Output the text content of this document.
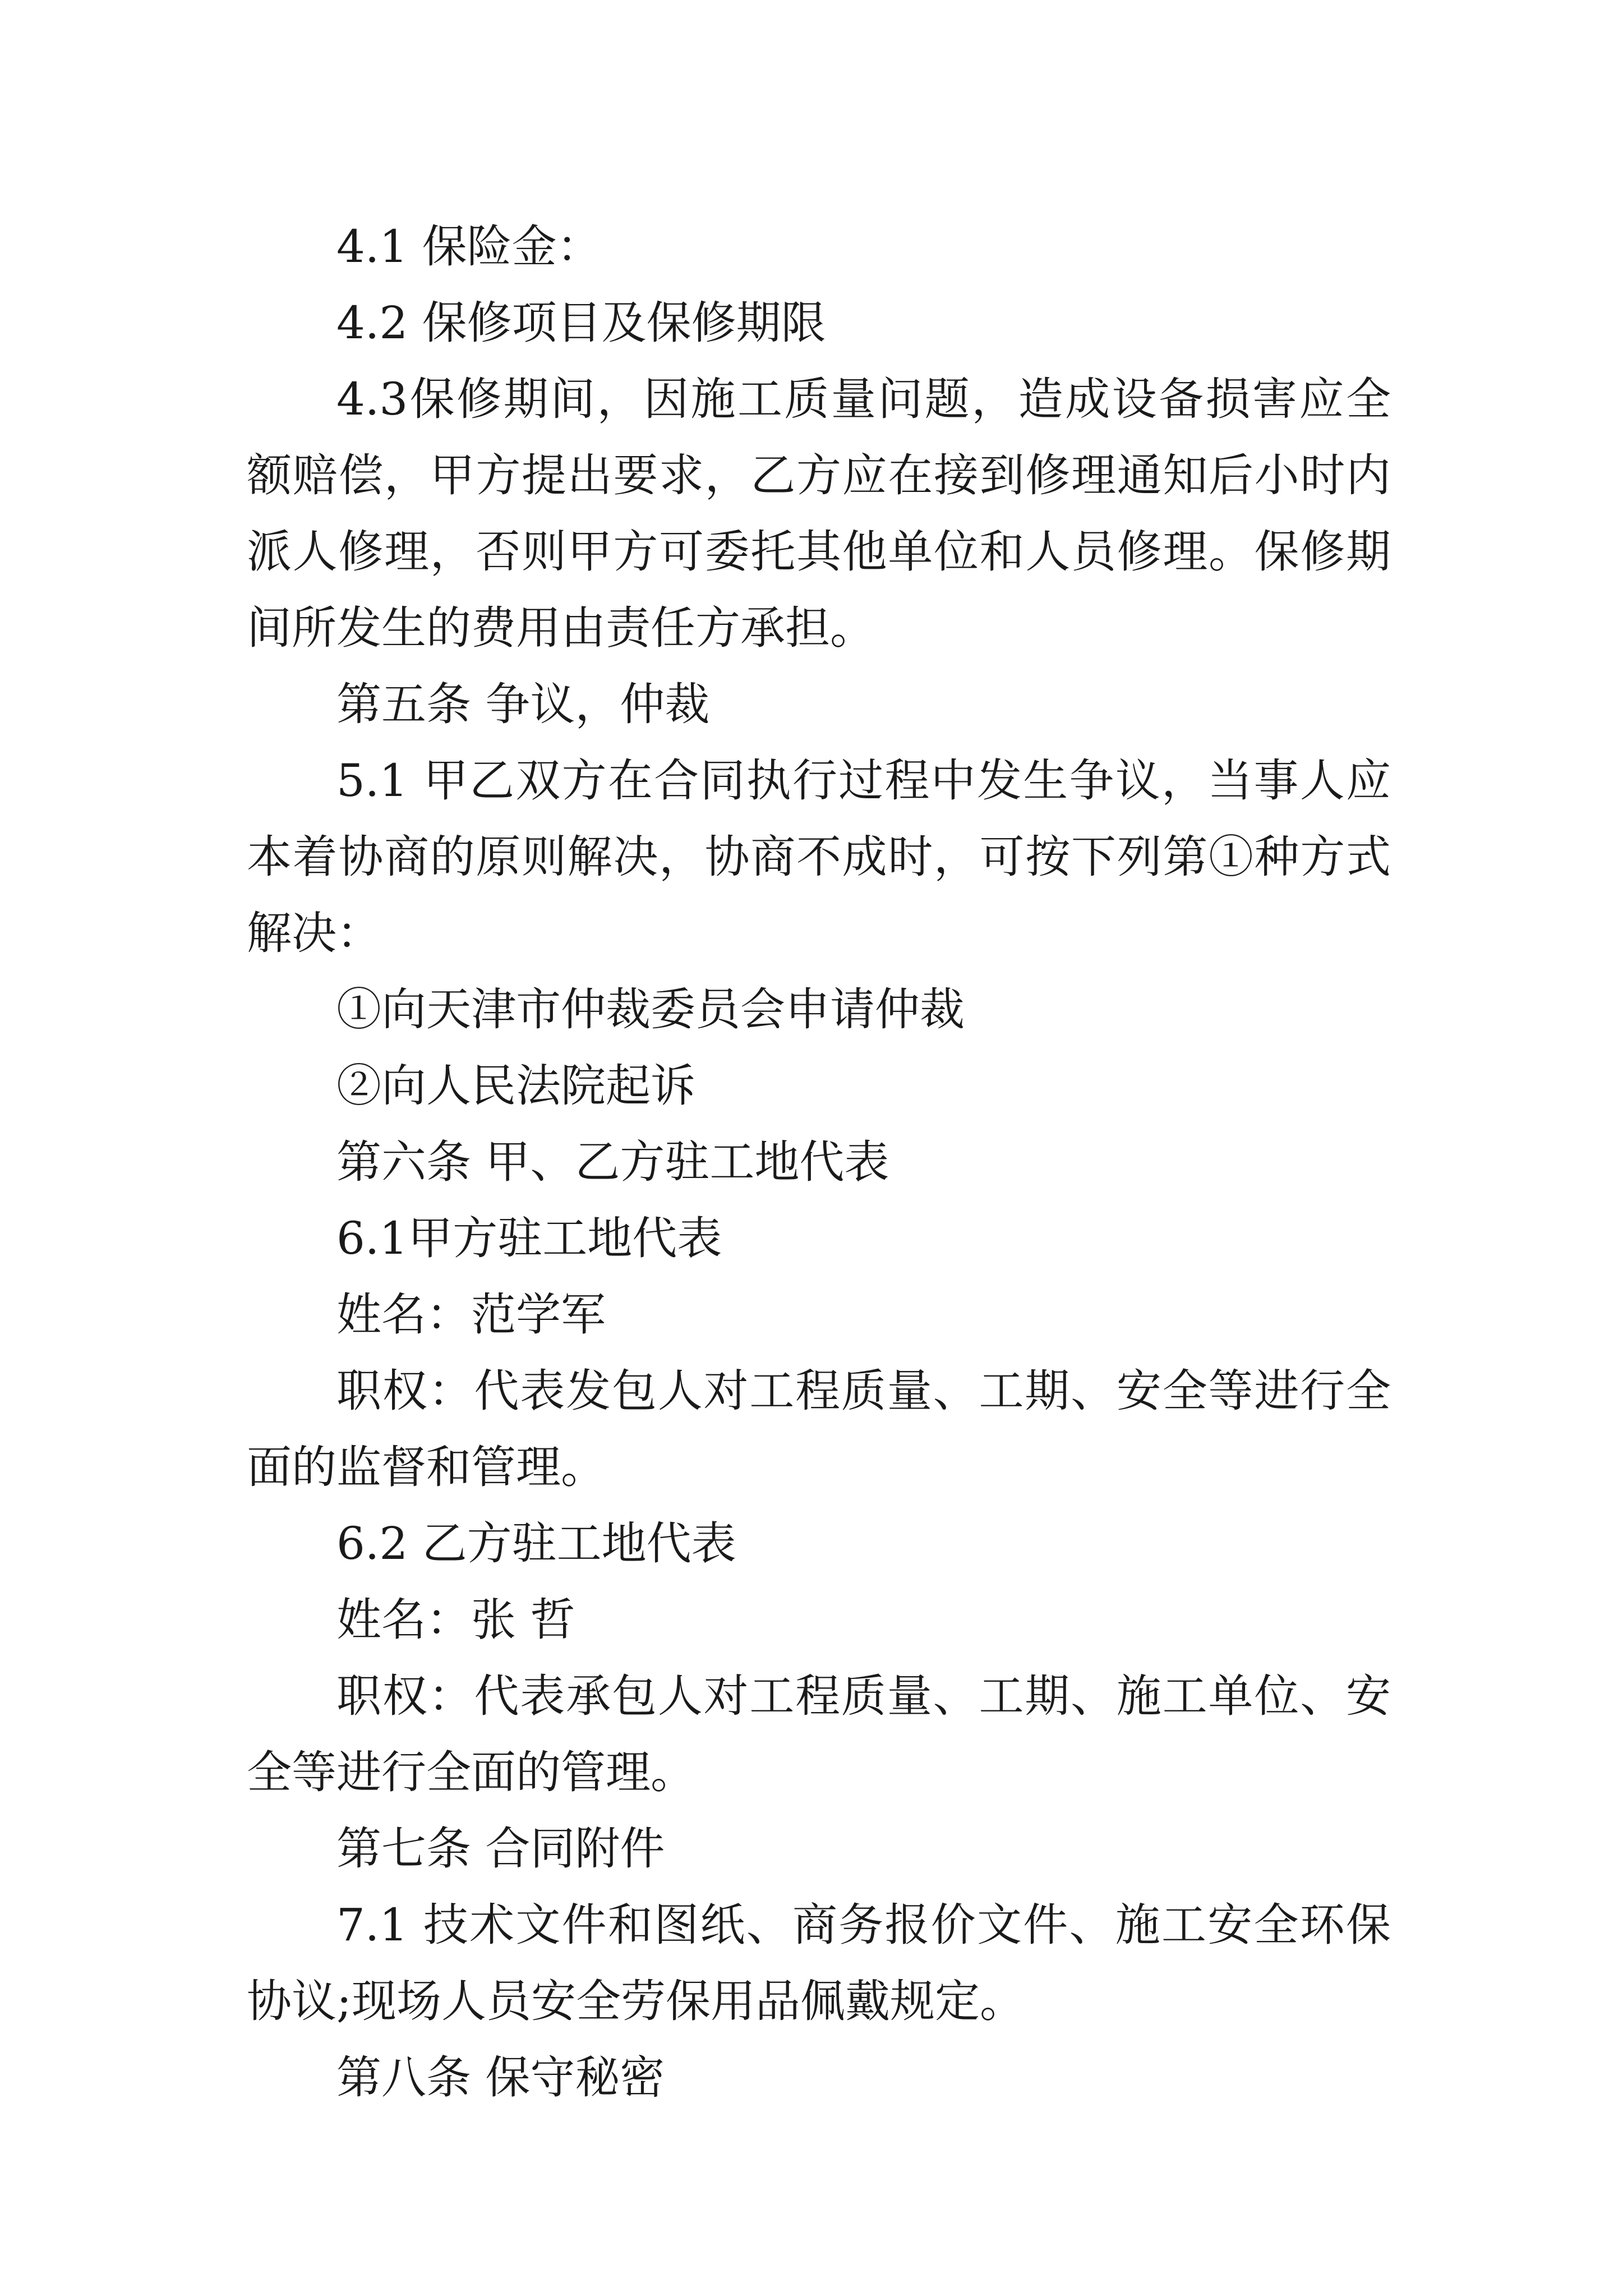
4.1 保险金：

4.2 保修项目及保修期限

4.3保修期间，因施工质量问题，造成设备损害应全额赔偿，甲方提出要求，乙方应在接到修理通知后小时内派人修理，否则甲方可委托其他单位和人员修理。保修期间所发生的费用由责任方承担。

第五条 争议，仲裁

5.1 甲乙双方在合同执行过程中发生争议，当事人应本着协商的原则解决，协商不成时，可按下列第①种方式解决：

①向天津市仲裁委员会申请仲裁

②向人民法院起诉

第六条 甲、乙方驻工地代表

6.1甲方驻工地代表

姓名：范学军

职权：代表发包人对工程质量、工期、安全等进行全面的监督和管理。

6.2 乙方驻工地代表

姓名：张 哲

职权：代表承包人对工程质量、工期、施工单位、安全等进行全面的管理。

第七条 合同附件

7.1 技术文件和图纸、商务报价文件、施工安全环保协议;现场人员安全劳保用品佩戴规定。

第八条 保守秘密
